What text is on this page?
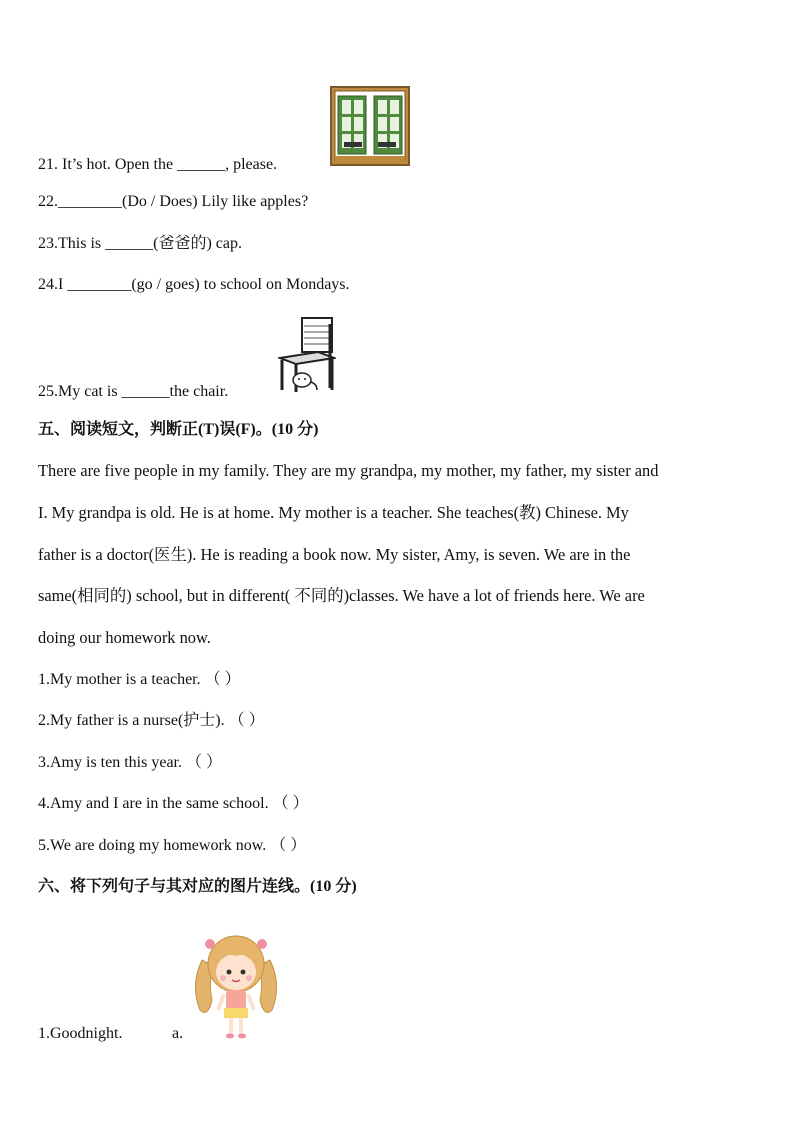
21. It’s hot. Open the ______, please.
22.________(Do / Does) Lily like apples?
23.This is ______(爸爸的) cap.
24.I ________(go / goes) to school on Mondays.
25.My cat is ______the chair.
五、阅读短文，判断正(T)误(F)。(10 分)
There are five people in my family. They are my grandpa, my mother, my father, my sister and
I. My grandpa is old. He is at home. My mother is a teacher. She teaches(教) Chinese. My
father is a doctor(医生). He is reading a book now. My sister, Amy, is seven. We are in the
same(相同的) school, but in different( 不同的)classes. We have a lot of friends here. We are
doing our homework now.
1.My mother is a teacher. （ ）
2.My father is a nurse(护士). （ ）
3.Amy is ten this year. （ ）
4.Amy and I are in the same school. （ ）
5.We are doing my homework now. （ ）
六、将下列句子与其对应的图片连线。(10 分)
1.Goodnight.	a.
